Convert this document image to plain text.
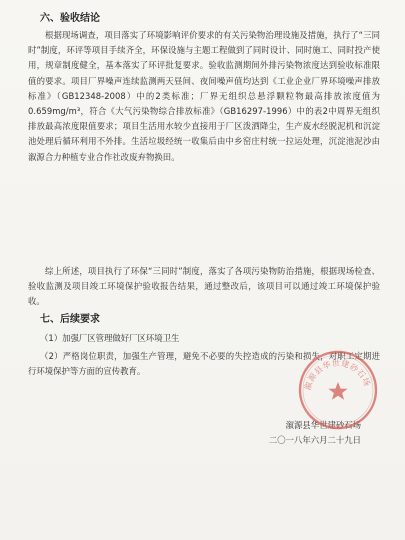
六、验收结论
根据现场调查，项目落实了环境影响评价要求的有关污染物治理设施及措施，执行了“三同时”制度，环评等项目手续齐全，环保设施与主题工程做到了同时设计、同时施工、同时投产使用，规章制度健全，基本落实了环评批复要求。验收监测期间外排污染物浓度达到验收标准限值的要求。项目厂界噪声连续监测两天昼间、夜间噪声值均达到《工业企业厂界环境噪声排放标准》（GB12348-2008）中的2类标准；厂界无组织总悬浮颗粒物最高排放浓度值为0.659mg/m³，符合《大气污染物综合排放标准》（GB16297-1996）中的表2中周界无组织排放最高浓度限值要求；项目生活用水较少直接用于厂区泼洒降尘，生产废水经脱泥机和沉淀池处理后循环利用不外排。生活垃圾经统一收集后由中乡窑庄村统一拉运处理，沉淀池泥沙由溆源合力种植专业合作社改废弃物换田。
综上所述，项目执行了环保“三同时”制度，落实了各项污染物防治措施，根据现场检查、验收监测及项目竣工环境保护验收报告结果，通过整改后，该项目可以通过竣工环境保护验收。
七、后续要求
（1）加强厂区管理做好厂区环境卫生
（2）严格岗位职责，加强生产管理，避免不必要的失控造成的污染和损失，对职工定期进行环境保护等方面的宣传教育。
溆源县华世建砂石场
二〇一八年六月二十九日
溆源县华世建砂石场
